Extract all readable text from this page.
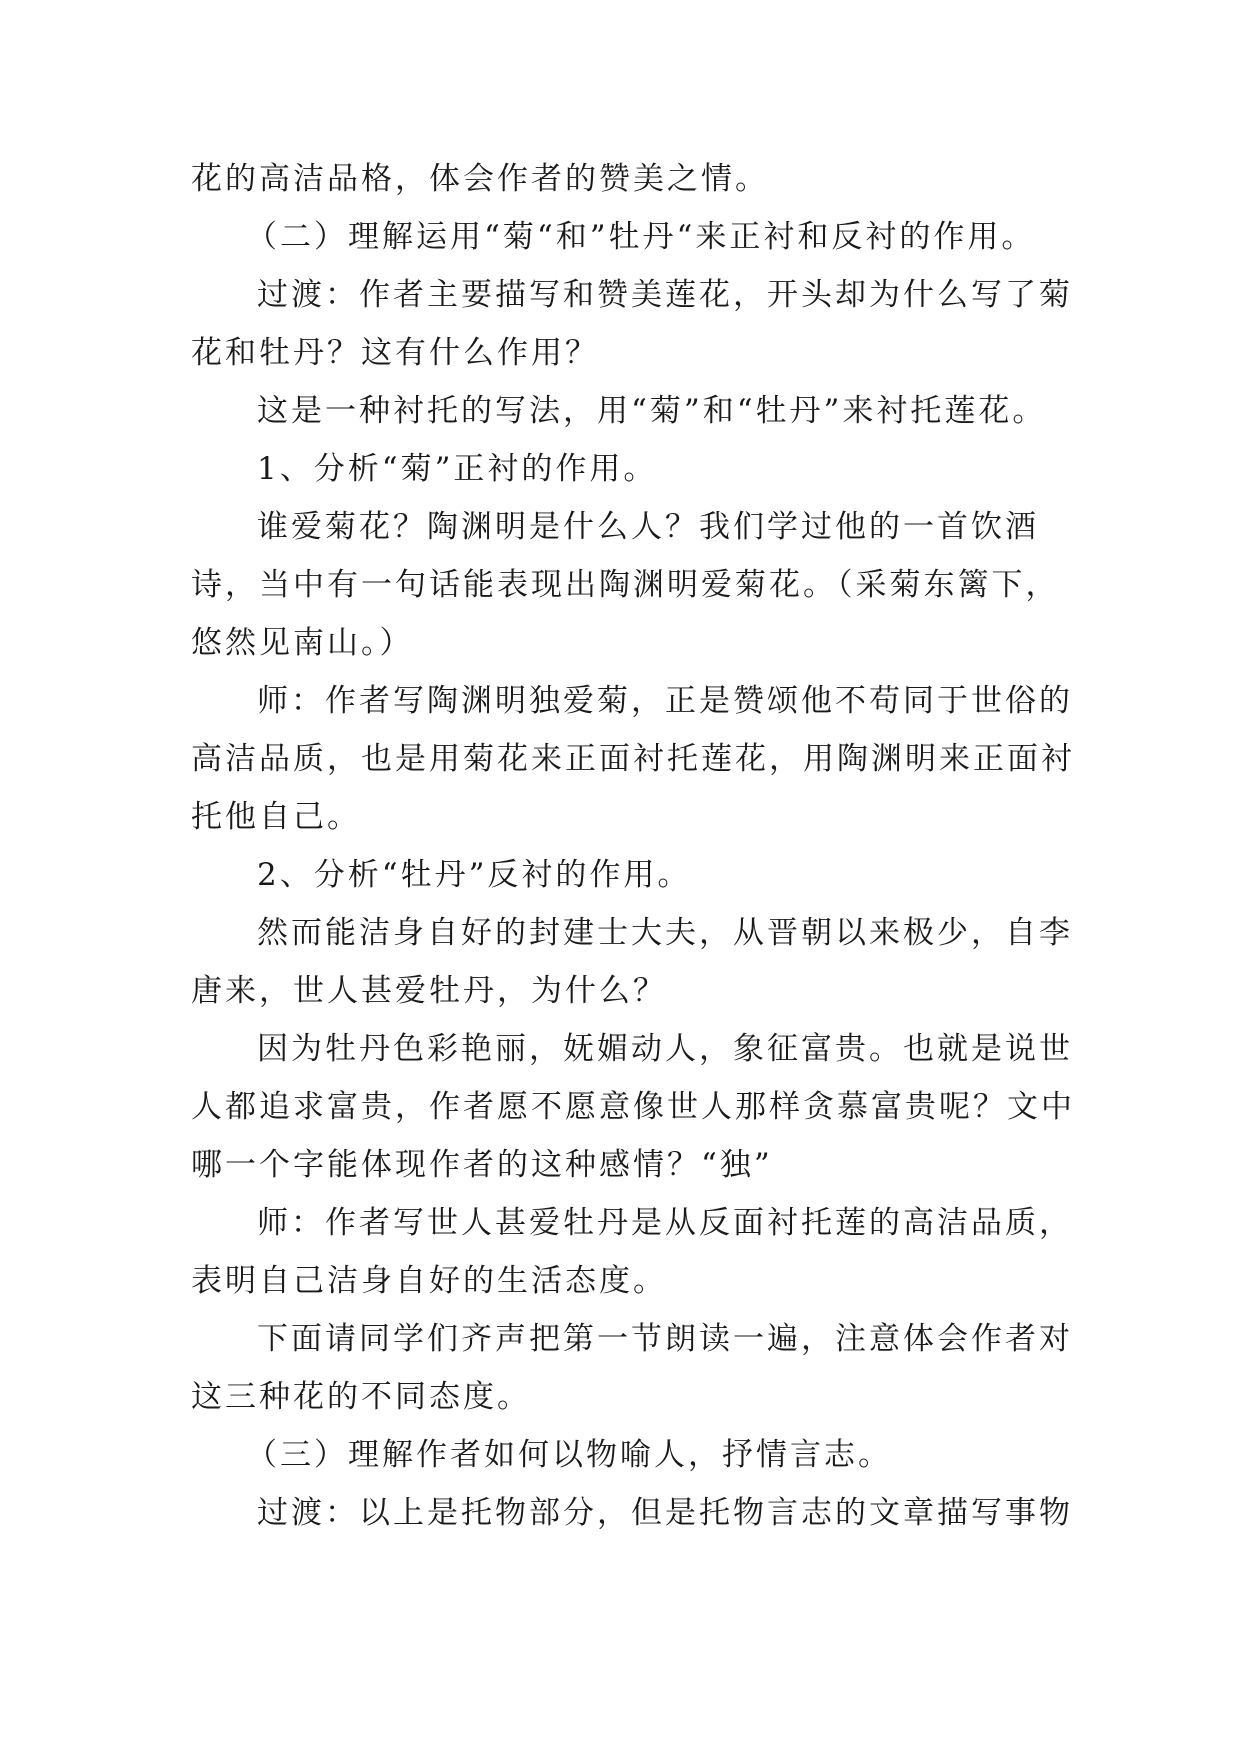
花的高洁品格，体会作者的赞美之情。
（二）理解运用“菊“和”牡丹“来正衬和反衬的作用。
过渡：作者主要描写和赞美莲花，开头却为什么写了菊
花和牡丹？这有什么作用？
这是一种衬托的写法，用“菊”和“牡丹”来衬托莲花。
1、分析“菊”正衬的作用。
谁爱菊花？陶渊明是什么人？我们学过他的一首饮酒
诗，当中有一句话能表现出陶渊明爱菊花。（采菊东篱下，
悠然见南山。）
师：作者写陶渊明独爱菊，正是赞颂他不苟同于世俗的
高洁品质，也是用菊花来正面衬托莲花，用陶渊明来正面衬
托他自己。
2、分析“牡丹”反衬的作用。
然而能洁身自好的封建士大夫，从晋朝以来极少，自李
唐来，世人甚爱牡丹，为什么？
因为牡丹色彩艳丽，妩媚动人，象征富贵。也就是说世
人都追求富贵，作者愿不愿意像世人那样贪慕富贵呢？文中
哪一个字能体现作者的这种感情？“独”
师：作者写世人甚爱牡丹是从反面衬托莲的高洁品质，
表明自己洁身自好的生活态度。
下面请同学们齐声把第一节朗读一遍，注意体会作者对
这三种花的不同态度。
（三）理解作者如何以物喻人，抒情言志。
过渡：以上是托物部分，但是托物言志的文章描写事物
